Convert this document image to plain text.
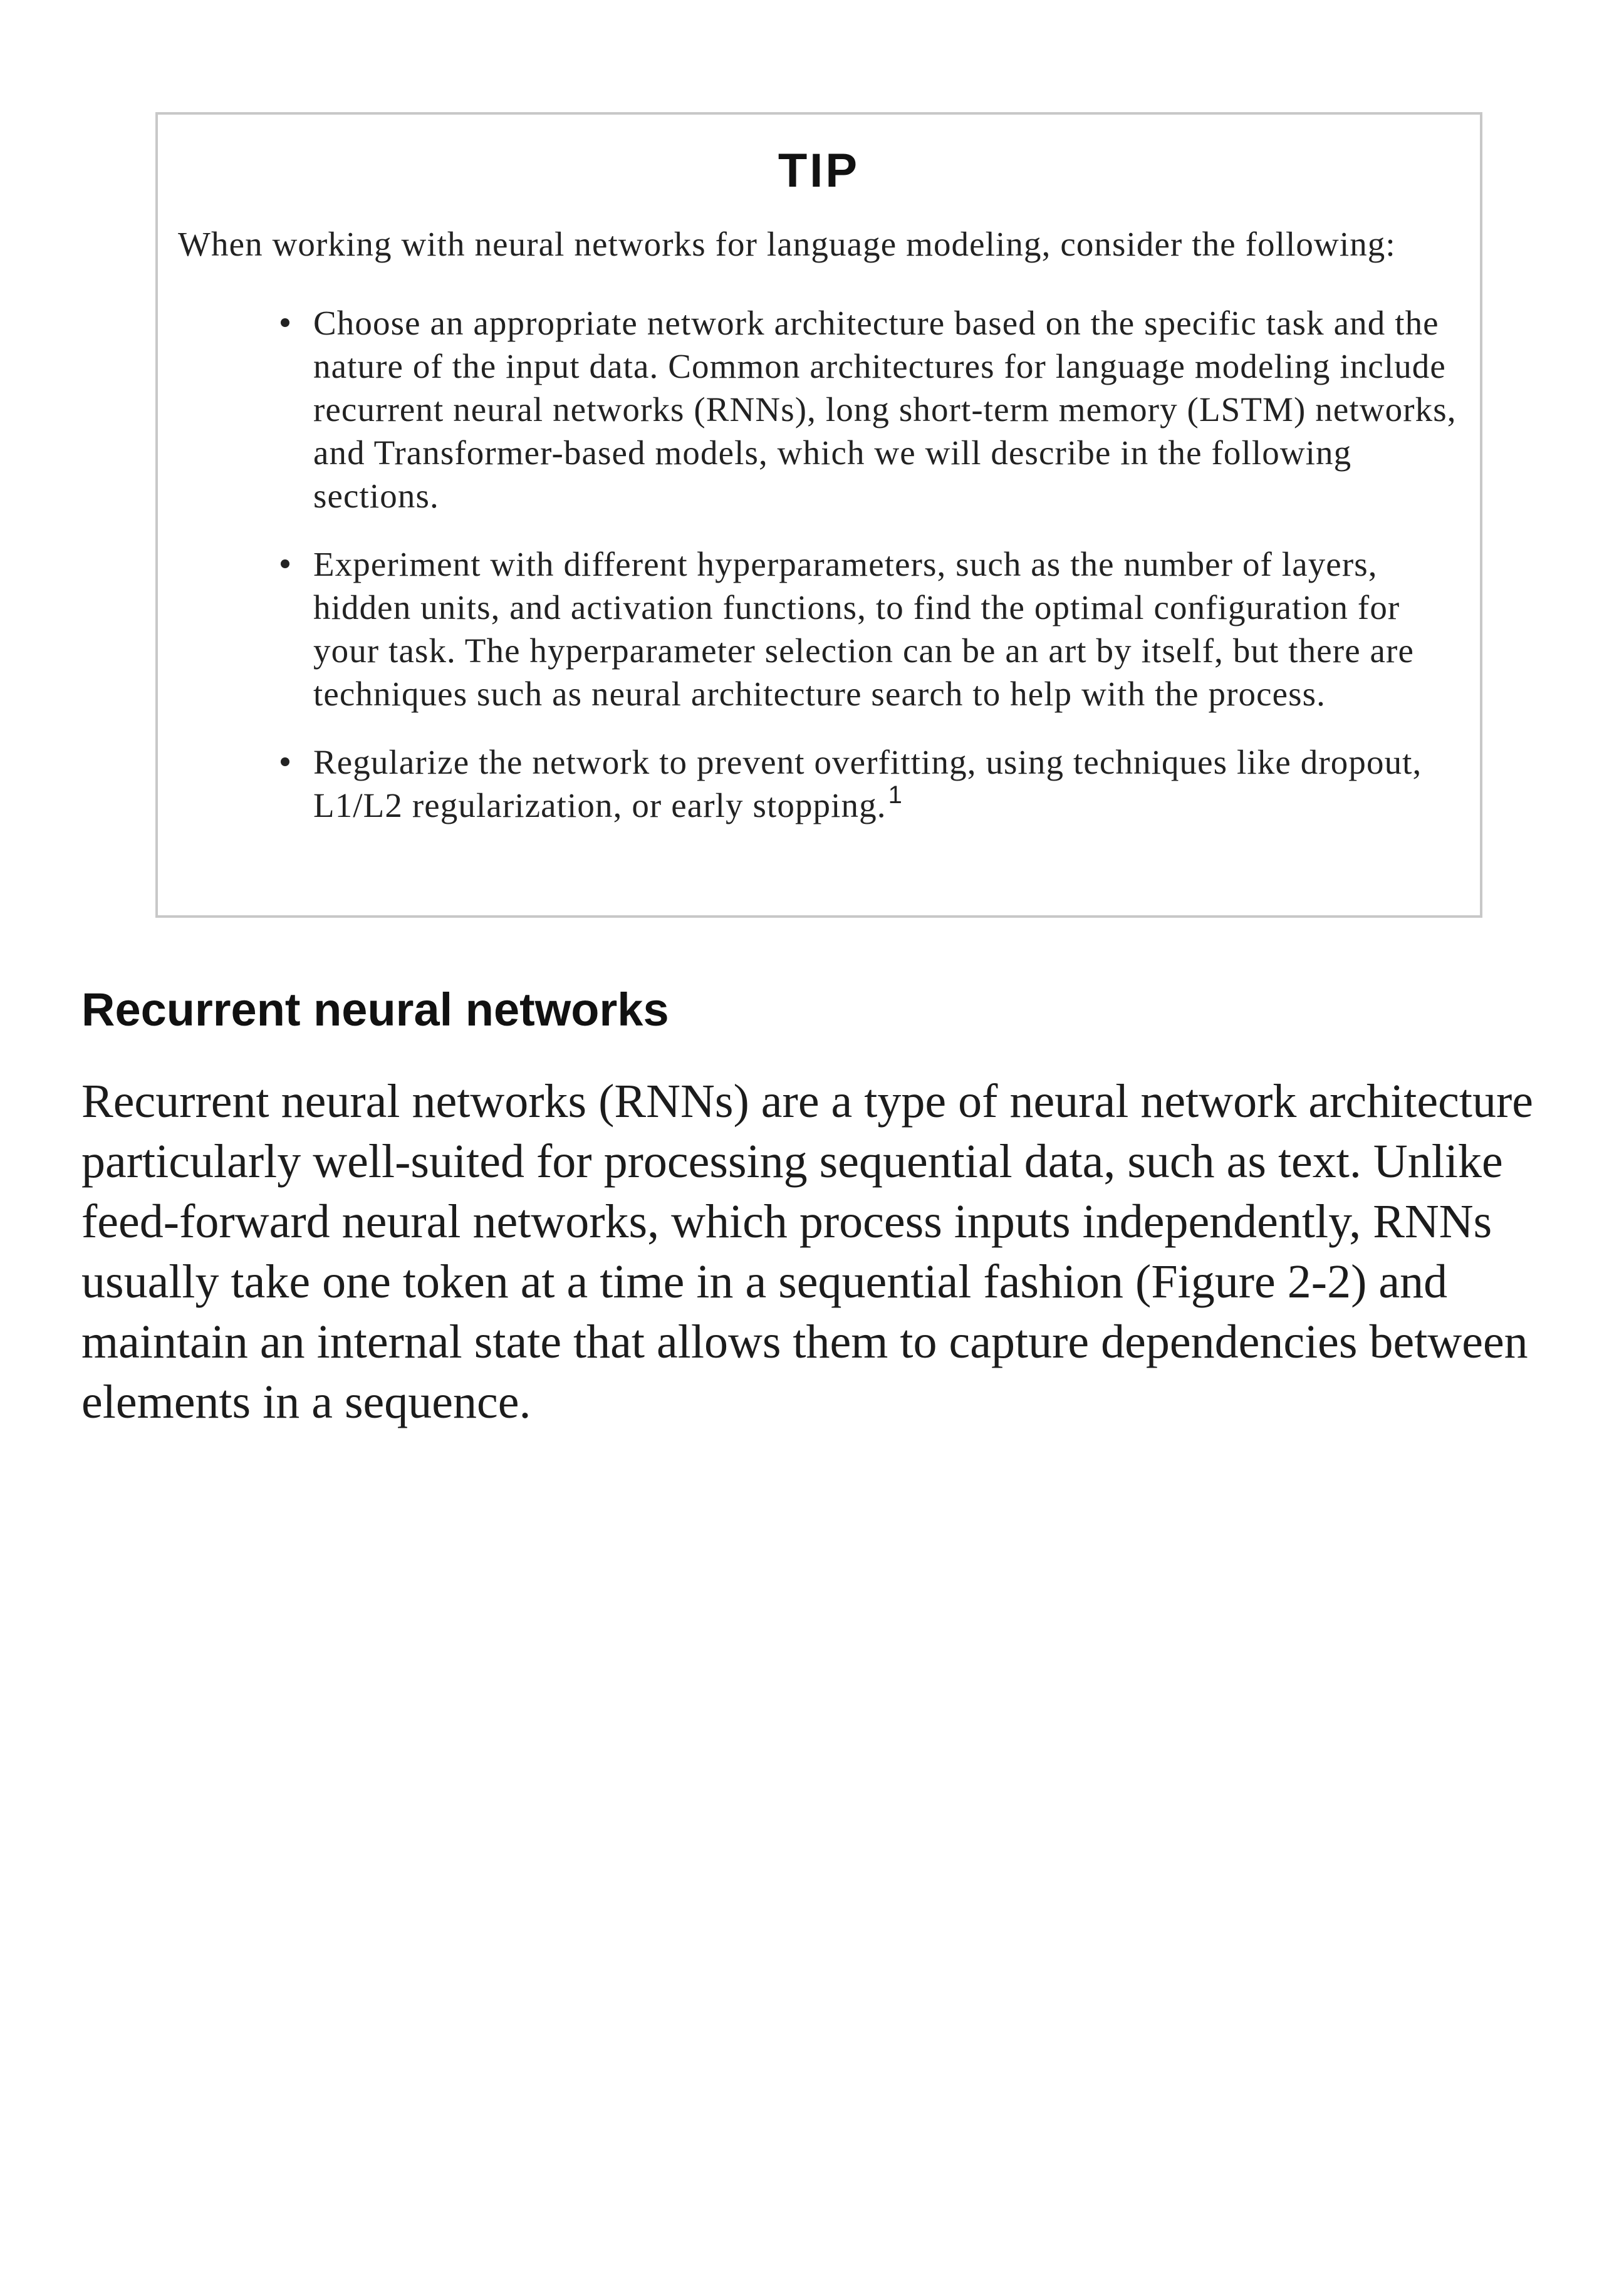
TIP

When working with neural networks for language modeling, consider the following:

Choose an appropriate network architecture based on the specific task and the nature of the input data. Common architectures for language modeling include recurrent neural networks (RNNs), long short-term memory (LSTM) networks, and Transformer-based models, which we will describe in the following sections.
Experiment with different hyperparameters, such as the number of layers, hidden units, and activation functions, to find the optimal configuration for your task. The hyperparameter selection can be an art by itself, but there are techniques such as neural architecture search to help with the process.
Regularize the network to prevent overfitting, using techniques like dropout, L1/L2 regularization, or early stopping.$^1$
Recurrent neural networks

Recurrent neural networks (RNNs) are a type of neural network architecture particularly well-suited for processing sequential data, such as text. Unlike feed-forward neural networks, which process inputs independently, RNNs usually take one token at a time in a sequential fashion (Figure 2-2) and maintain an internal state that allows them to capture dependencies between elements in a sequence.
